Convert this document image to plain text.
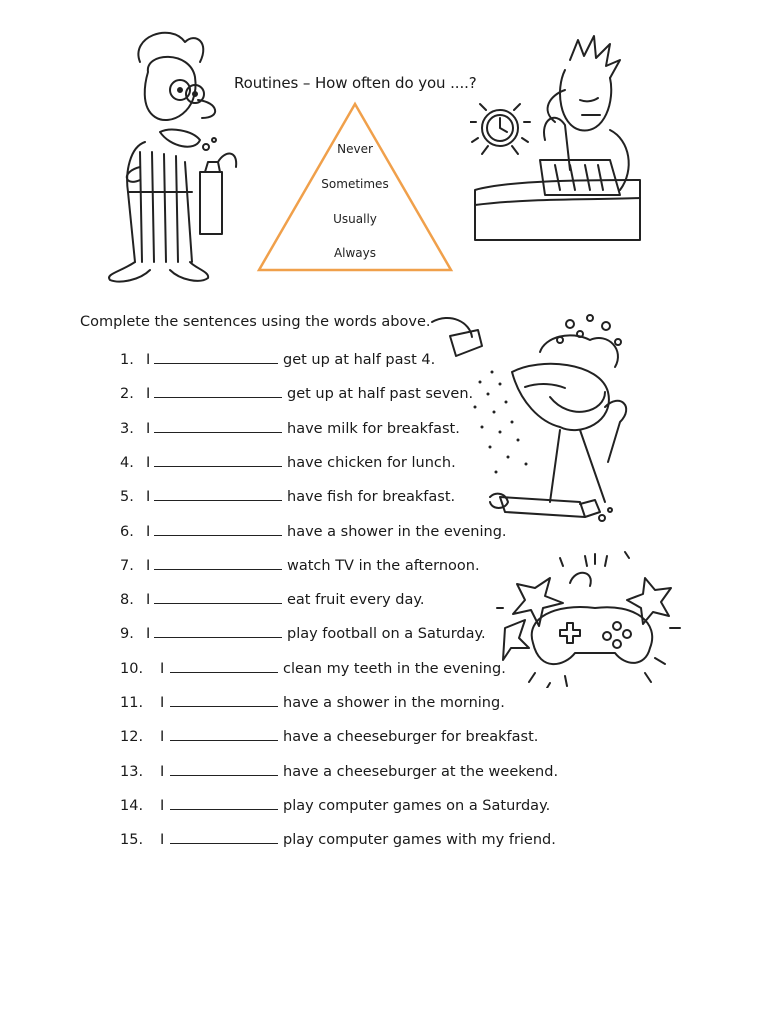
Routines – How often do you ....?
Never
Sometimes
Usually
Always
Complete the sentences using the words above.
1. I	get up at half past 4.
2. I	get up at half past seven.
3. I	have milk for breakfast.
4. I	have chicken for lunch.
5. I	have fish for breakfast.
6. I	have a shower in the evening.
7. I	watch TV in the afternoon.
8. I	eat fruit every day.
9. I	play football on a Saturday.
10. I	clean my teeth in the evening.
11. I	have a shower in the morning.
12. I	have a cheeseburger for breakfast.
13. I	have a cheeseburger at the weekend.
14. I	play computer games on a Saturday.
15. I	play computer games with my friend.
